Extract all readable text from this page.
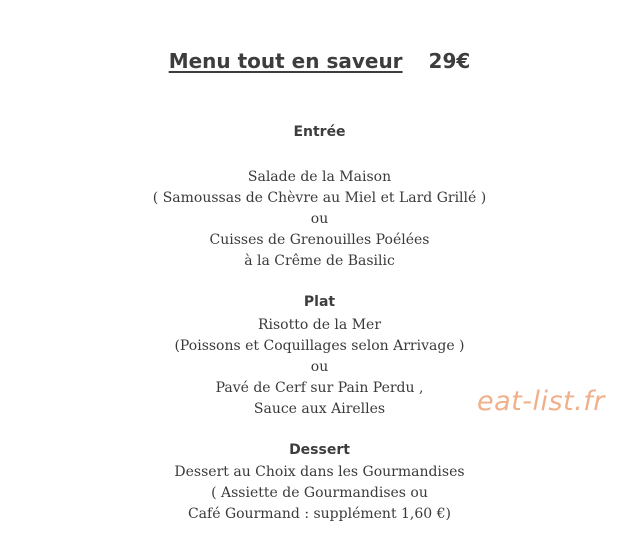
Menu tout en saveur 29€
Entrée
Salade de la Maison
( Samoussas de Chèvre au Miel et Lard Grillé )
ou
Cuisses de Grenouilles Poélées
à la Crême de Basilic
Plat
Risotto de la Mer
(Poissons et Coquillages selon Arrivage )
ou
Pavé de Cerf sur Pain Perdu ,
Sauce aux Airelles
Dessert
Dessert au Choix dans les Gourmandises
( Assiette de Gourmandises ou
Café Gourmand : supplément 1,60 €)
eat-list.fr
